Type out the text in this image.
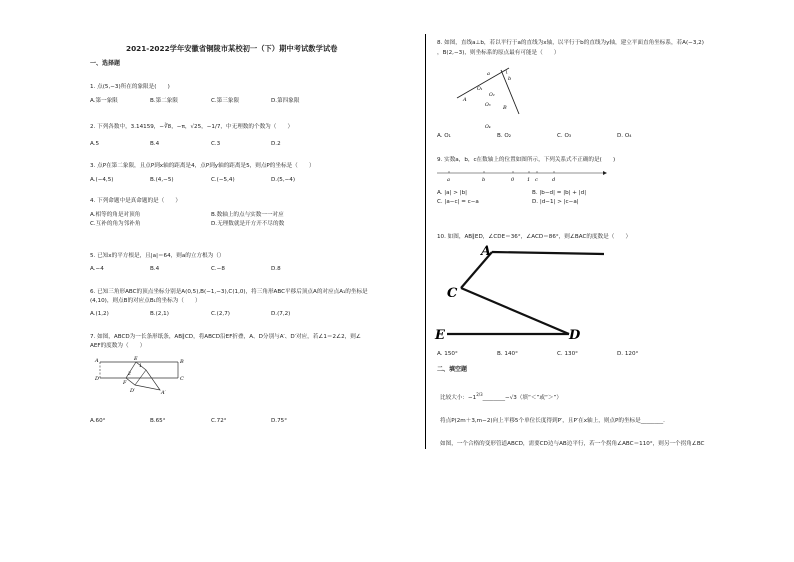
2021-2022学年安徽省铜陵市某校初一（下）期中考试数学试卷
一、选择题
1. 点(5,−3)所在的象限是(　　)
A.第一象限	B.第二象限	C.第三象限	D.第四象限
2. 下列各数中，3.14159，−∛8，−π，√25，−1/7，中无理数的个数为（　　）
A.5	B.4	C.3	D.2
3. 点P在第二象限，且点P到x轴的距离是4，点P到y轴的距离是5，则点P的坐标是（　　）
A.(−4,5)	B.(4,−5)	C.(−5,4)	D.(5,−4)
4. 下列命题中是真命题的是（　　）
A.相等的角是对顶角	B.数轴上的点与实数一一对应
C.互补的角为邻补角	D.无理数就是开方开不尽的数
5. 已知x的平方根是，且|a|＝64，则a的立方根为（）
A.−4	B.4	C.−8	D.8
6. 已知三角形ABC的顶点坐标分别是A(0,5),B(−1,−3),C(1,0)，将三角形ABC平移后顶点A的对应点A₁的坐标是
(4,10)，则点B的对应点B₁的坐标为（　　）
A.(1,2)	B.(2,1)	C.(2,7)	D.(7,2)
7. 如图，ABCD为一长条形纸条，AB∥CD，将ABCD沿EF折叠，A、D分别与A′、D′对应，若∠1＝2∠2，则∠
AEF的度数为（　　）
A	E	B
D
F
C
D′	A′
1
2
A.60°	B.65°	C.72°	D.75°
8. 如图，直线a⊥b，若以平行于a的直线为x轴，以平行于b的直线为y轴，建立平面直角坐标系，若A(−3,2)
，B(2,−3)，则坐标系的原点最有可能是（　　）
a
b
A
O₁
O₂
O₃ B
O₄
A. O₁	B. O₂	C. O₃	D. O₄
9. 实数a，b，c在数轴上的位置如图所示，下列关系式不正确的是(　　)
a	b	0	1 c	d
A. |a| > |b|	B. |b−d| = |b| + |d|
C. |a−c| = c−a	D. |d−1| > |c−a|
10. 如图，AB∥ED，∠CDE＝36°，∠ACD＝86°，则∠BAC的度数是（　　）
A
C
E	D
A. 150°	B. 140°	C. 130°	D. 120°
二、填空题
比较大小：$-1^{2/3}\_\_\_\_\_\_\_\_-√3$（填“＜”或“＞”）
将点P(2m＋3,m−2)向上平移5个单位长度得到P′，且P′在x轴上，则点P的坐标是________.
如图，一个合格的变形管道ABCD，需要CD边与AB边平行，若一个拐角∠ABC＝110°，则另一个拐角∠BC
